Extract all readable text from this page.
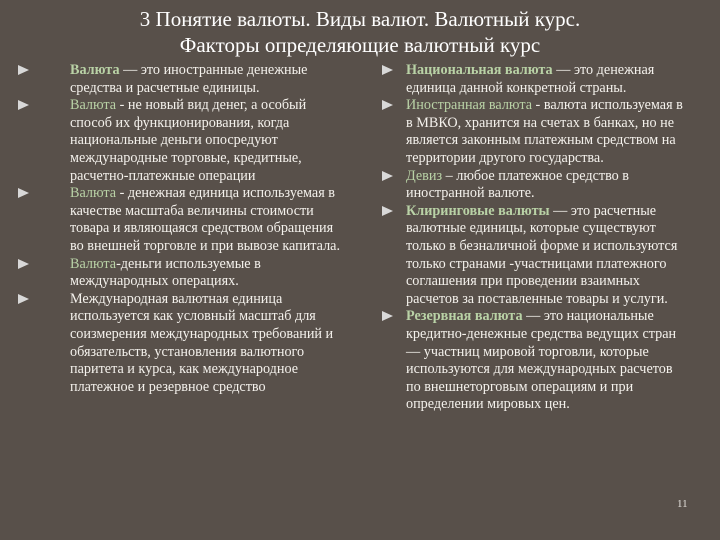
3 Понятие валюты. Виды валют. Валютный курс.
Факторы определяющие валютный курс

Валюта — это иностранные денежные средства и расчетные единицы.

Валюта - не новый вид денег, а особый способ их функционирования, когда национальные деньги опосредуют международные торговые, кредитные, расчетно-платежные операции

Валюта - денежная единица используемая в качестве масштаба величины стоимости товара и являющаяся средством обращения во внешней торговле и при вывозе капитала.

Валюта-деньги используемые в международных операциях.

Международная валютная единица используется как условный масштаб для соизмерения международных требований и обязательств, установления валютного паритета и курса, как международное платежное и резервное средство

Национальная валюта — это денежная единица данной конкретной страны.

Иностранная валюта - валюта используемая в в МВКО, хранится на счетах в банках, но не является законным платежным средством на территории другого государства.

Девиз – любое платежное средство в иностранной валюте.

Клиринговые валюты — это расчетные валютные единицы, которые существуют только в безналичной форме и используются только странами -участницами платежного соглашения при проведении взаимных расчетов за поставленные товары и услуги.

Резервная валюта — это национальные кредитно-денежные средства ведущих стран — участниц мировой торговли, которые используются для международных расчетов по внешнеторговым операциям и при определении мировых цен.

11
